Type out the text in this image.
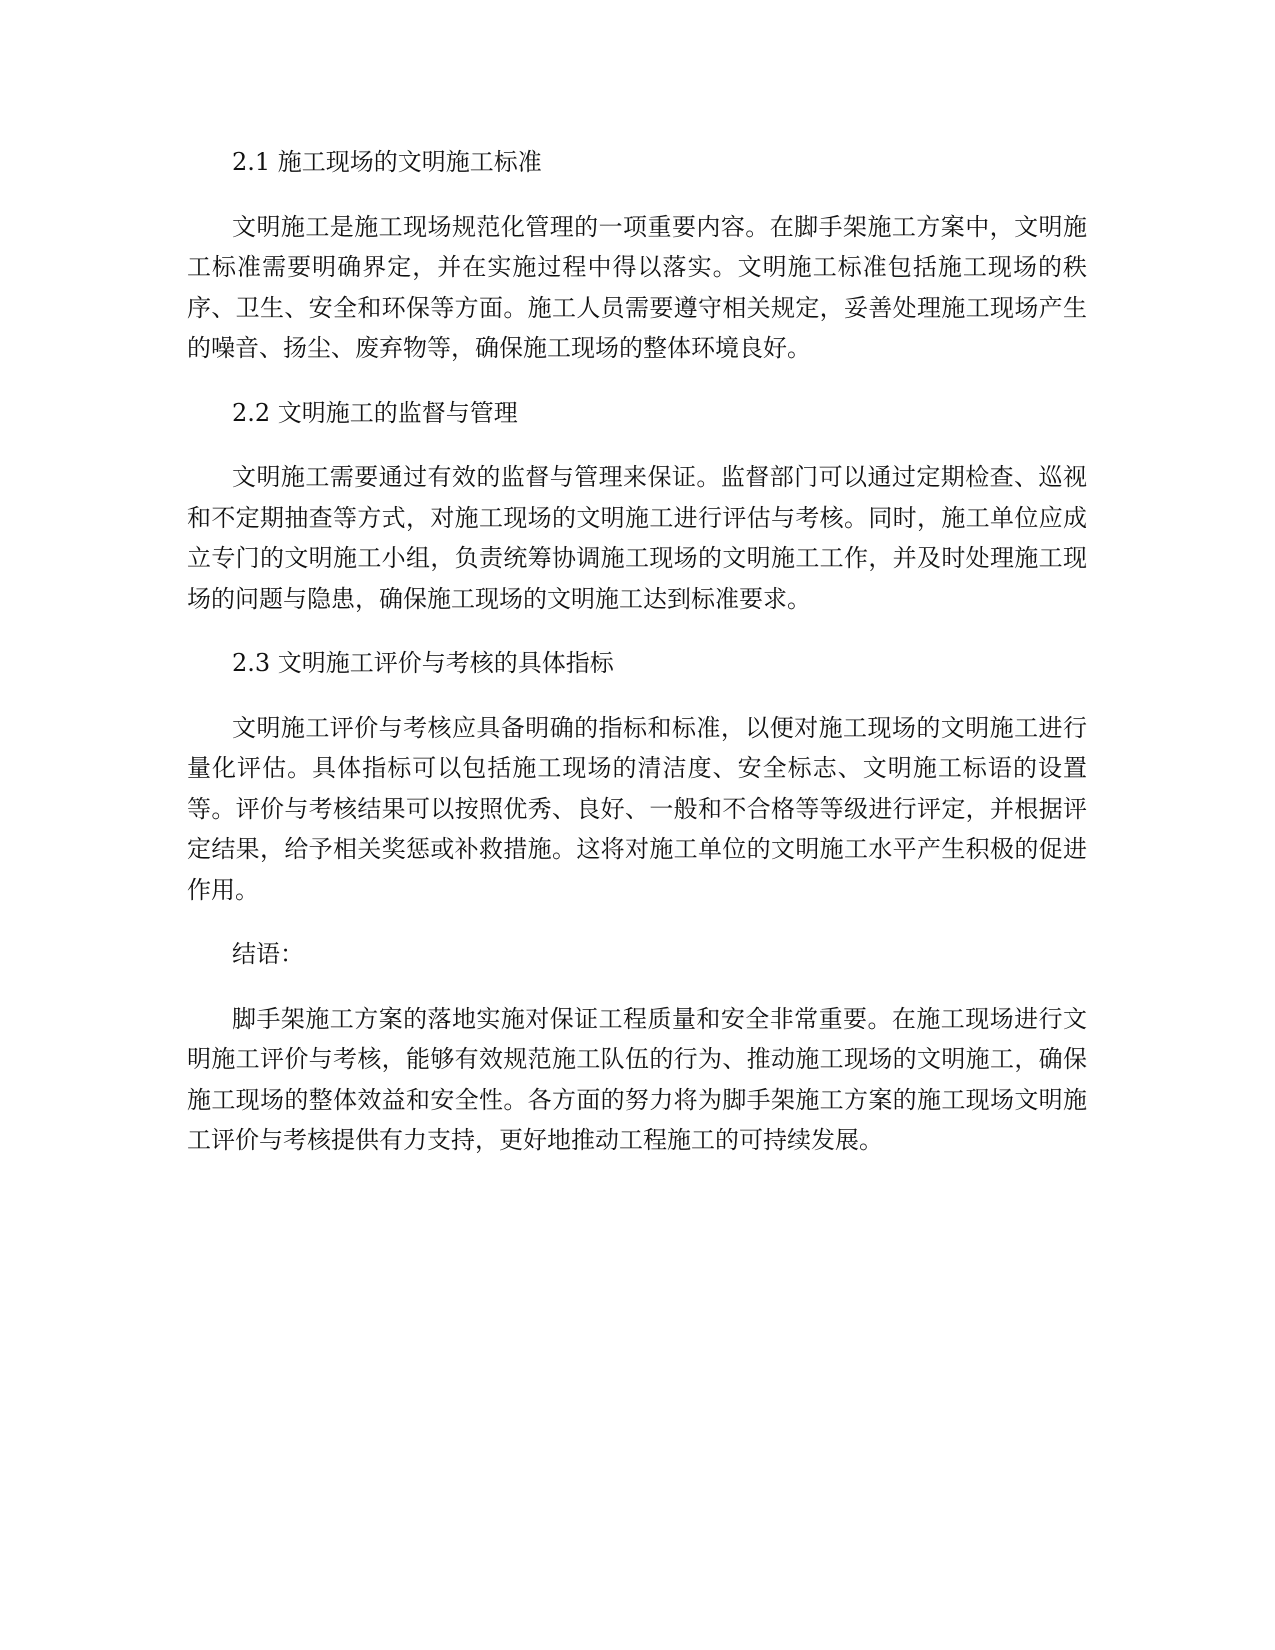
2.1 施工现场的文明施工标准

文明施工是施工现场规范化管理的一项重要内容。在脚手架施工方案中，文明施工标准需要明确界定，并在实施过程中得以落实。文明施工标准包括施工现场的秩序、卫生、安全和环保等方面。施工人员需要遵守相关规定，妥善处理施工现场产生的噪音、扬尘、废弃物等，确保施工现场的整体环境良好。

2.2 文明施工的监督与管理

文明施工需要通过有效的监督与管理来保证。监督部门可以通过定期检查、巡视和不定期抽查等方式，对施工现场的文明施工进行评估与考核。同时，施工单位应成立专门的文明施工小组，负责统筹协调施工现场的文明施工工作，并及时处理施工现场的问题与隐患，确保施工现场的文明施工达到标准要求。

2.3 文明施工评价与考核的具体指标

文明施工评价与考核应具备明确的指标和标准，以便对施工现场的文明施工进行量化评估。具体指标可以包括施工现场的清洁度、安全标志、文明施工标语的设置等。评价与考核结果可以按照优秀、良好、一般和不合格等等级进行评定，并根据评定结果，给予相关奖惩或补救措施。这将对施工单位的文明施工水平产生积极的促进作用。

结语：

脚手架施工方案的落地实施对保证工程质量和安全非常重要。在施工现场进行文明施工评价与考核，能够有效规范施工队伍的行为、推动施工现场的文明施工，确保施工现场的整体效益和安全性。各方面的努力将为脚手架施工方案的施工现场文明施工评价与考核提供有力支持，更好地推动工程施工的可持续发展。
